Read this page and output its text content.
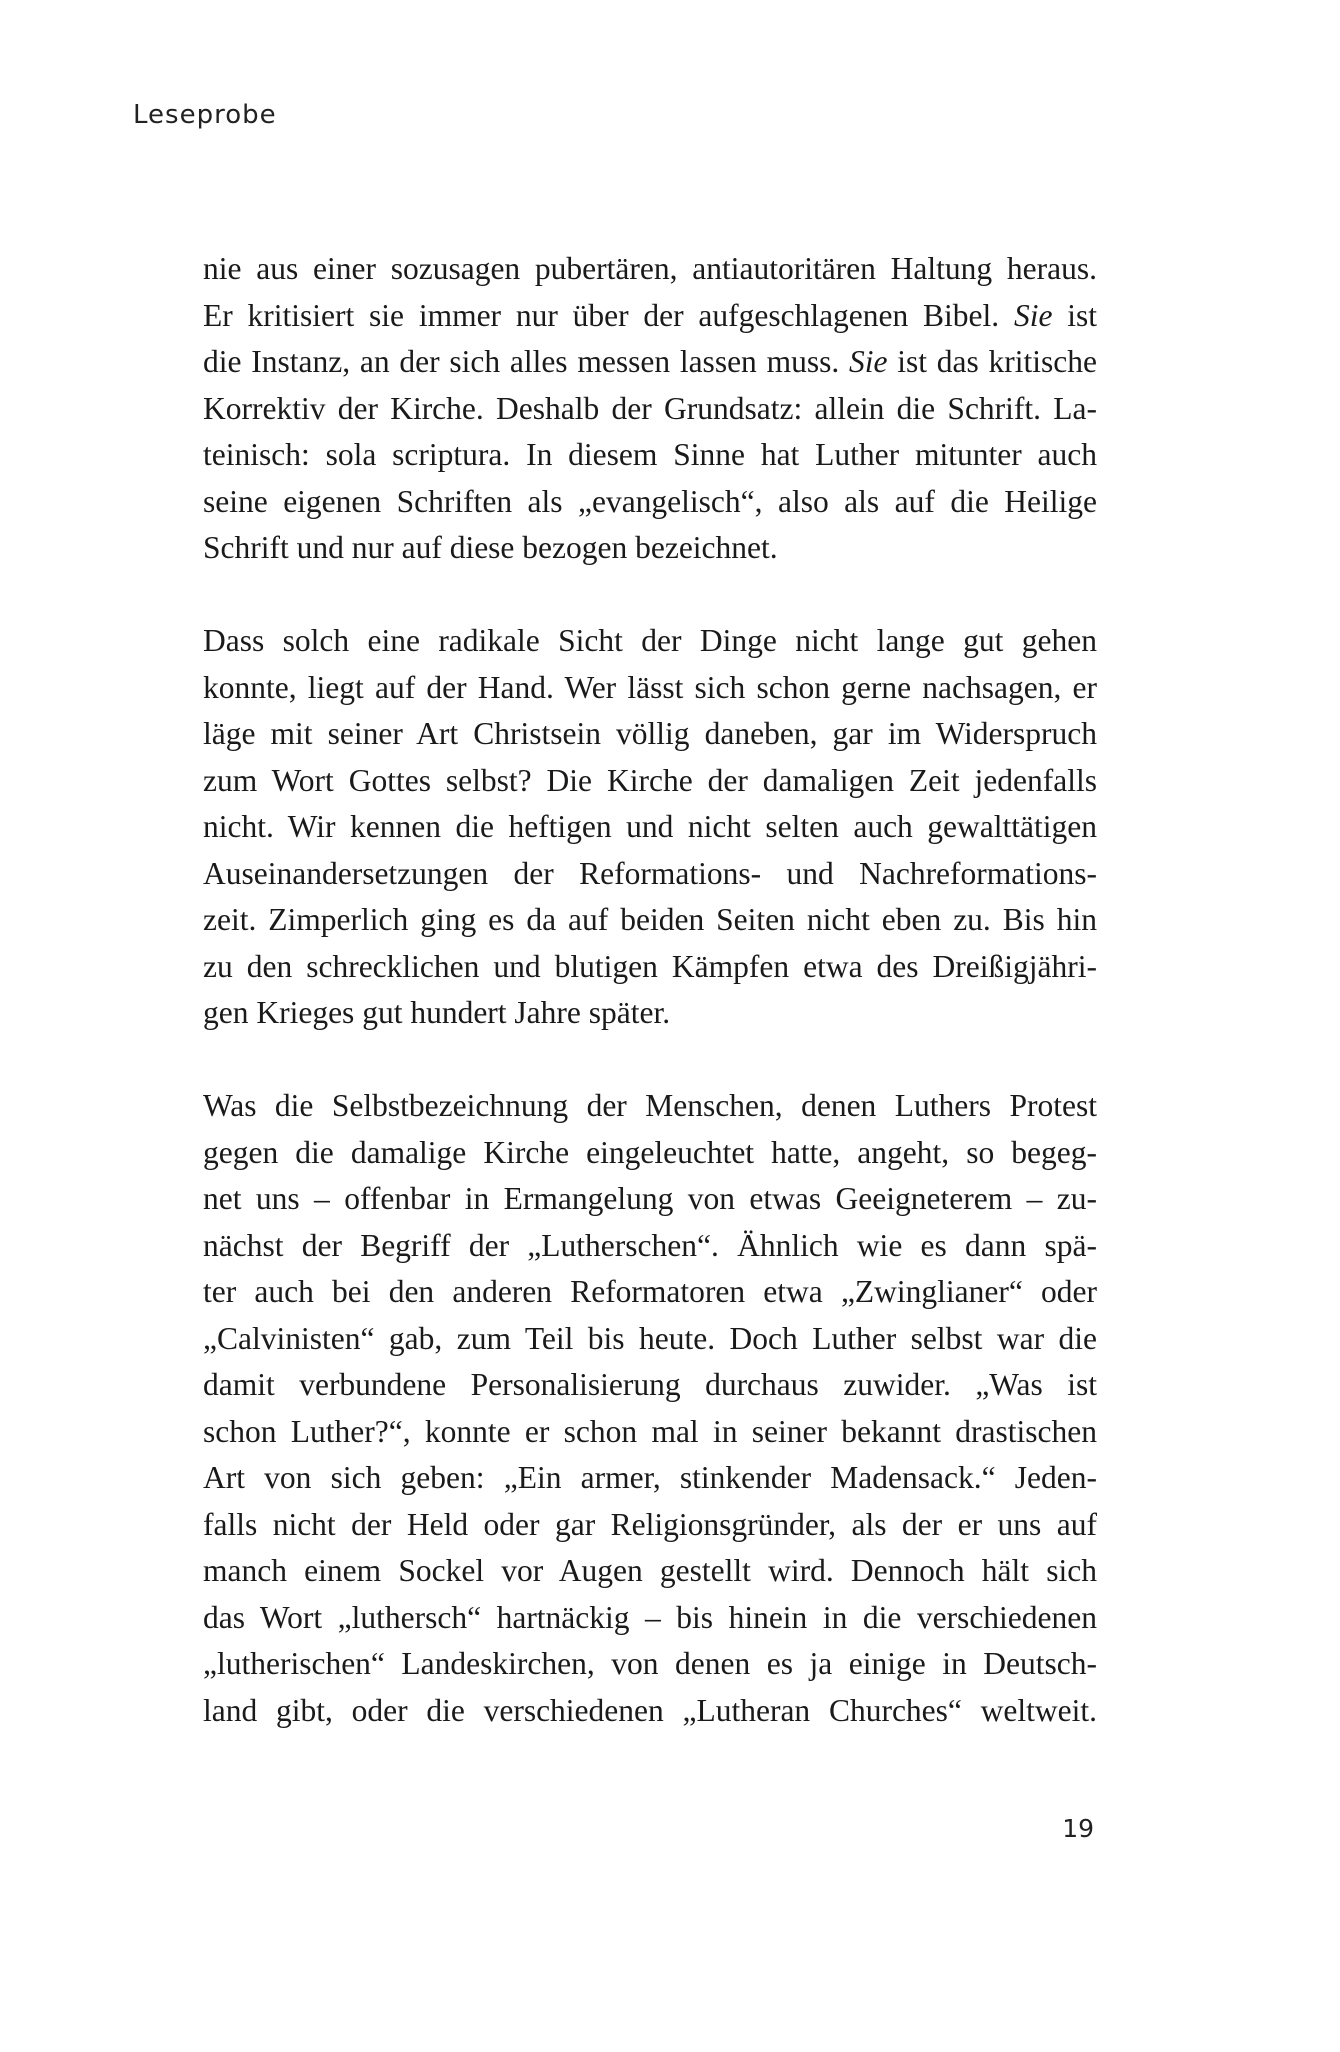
Leseprobe
nie aus einer sozusagen pubertären, antiautoritären Haltung heraus.
Er kritisiert sie immer nur über der aufgeschlagenen Bibel. Sie ist
die Instanz, an der sich alles messen lassen muss. Sie ist das kritische
Korrektiv der Kirche. Deshalb der Grundsatz: allein die Schrift. La-
teinisch: sola scriptura. In diesem Sinne hat Luther mitunter auch
seine eigenen Schriften als „evangelisch“, also als auf die Heilige
Schrift und nur auf diese bezogen bezeichnet.
Dass solch eine radikale Sicht der Dinge nicht lange gut gehen
konnte, liegt auf der Hand. Wer lässt sich schon gerne nachsagen, er
läge mit seiner Art Christsein völlig daneben, gar im Widerspruch
zum Wort Gottes selbst? Die Kirche der damaligen Zeit jedenfalls
nicht. Wir kennen die heftigen und nicht selten auch gewalttätigen
Auseinandersetzungen der Reformations- und Nachreformations-
zeit. Zimperlich ging es da auf beiden Seiten nicht eben zu. Bis hin
zu den schrecklichen und blutigen Kämpfen etwa des Dreißigjähri-
gen Krieges gut hundert Jahre später.
Was die Selbstbezeichnung der Menschen, denen Luthers Protest
gegen die damalige Kirche eingeleuchtet hatte, angeht, so begeg-
net uns – offenbar in Ermangelung von etwas Geeigneterem – zu-
nächst der Begriff der „Lutherschen“. Ähnlich wie es dann spä-
ter auch bei den anderen Reformatoren etwa „Zwinglianer“ oder
„Calvinisten“ gab, zum Teil bis heute. Doch Luther selbst war die
damit verbundene Personalisierung durchaus zuwider. „Was ist
schon Luther?“, konnte er schon mal in seiner bekannt drastischen
Art von sich geben: „Ein armer, stinkender Madensack.“ Jeden-
falls nicht der Held oder gar Religionsgründer, als der er uns auf
manch einem Sockel vor Augen gestellt wird. Dennoch hält sich
das Wort „luthersch“ hartnäckig – bis hinein in die verschiedenen
„lutherischen“ Landeskirchen, von denen es ja einige in Deutsch-
land gibt, oder die verschiedenen „Lutheran Churches“ weltweit.
19
